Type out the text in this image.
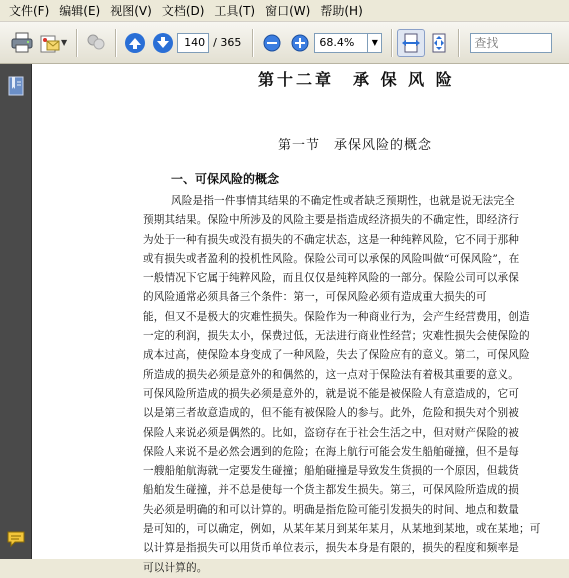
文件(F) 编辑(E) 视图(V) 文档(D) 工具(T) 窗口(W) 帮助(H)
▼
140	/ 365	68.4%	▼
查找
第十二章　承 保 风 险
第一节　承保风险的概念
一、可保风险的概念
风险是指一件事情其结果的不确定性或者缺乏预期性，也就是说无法完全
预期其结果。保险中所涉及的风险主要是指造成经济损失的不确定性，即经济行
为处于一种有损失或没有损失的不确定状态，这是一种纯粹风险，它不同于那种
或有损失或者盈利的投机性风险。保险公司可以承保的风险叫做“可保风险”，在
一般情况下它属于纯粹风险，而且仅仅是纯粹风险的一部分。保险公司可以承保
的风险通常必须具备三个条件：第一，可保风险必须有造成重大损失的可
能，但又不是极大的灾难性损失。保险作为一种商业行为，会产生经营费用，创造
一定的利润，损失太小，保费过低，无法进行商业性经营；灾难性损失会使保险的
成本过高，使保险本身变成了一种风险，失去了保险应有的意义。第二，可保风险
所造成的损失必须是意外的和偶然的，这一点对于保险法有着极其重要的意义。
可保风险所造成的损失必须是意外的，就是说不能是被保险人有意造成的，它可
以是第三者故意造成的，但不能有被保险人的参与。此外，危险和损失对个别被
保险人来说必须是偶然的。比如，盗窃存在于社会生活之中，但对财产保险的被
保险人来说不是必然会遇到的危险；在海上航行可能会发生船舶碰撞，但不是每
一艘船舶航海就一定要发生碰撞；船舶碰撞是导致发生货损的一个原因，但载货
船舶发生碰撞，并不总是使每一个货主都发生损失。第三，可保风险所造成的损
失必须是明确的和可以计算的。明确是指危险可能引发损失的时间、地点和数量
是可知的，可以确定，例如，从某年某月到某年某月，从某地到某地，或在某地；可
以计算是指损失可以用货币单位表示，损失本身是有限的，损失的程度和频率是
可以计算的。
